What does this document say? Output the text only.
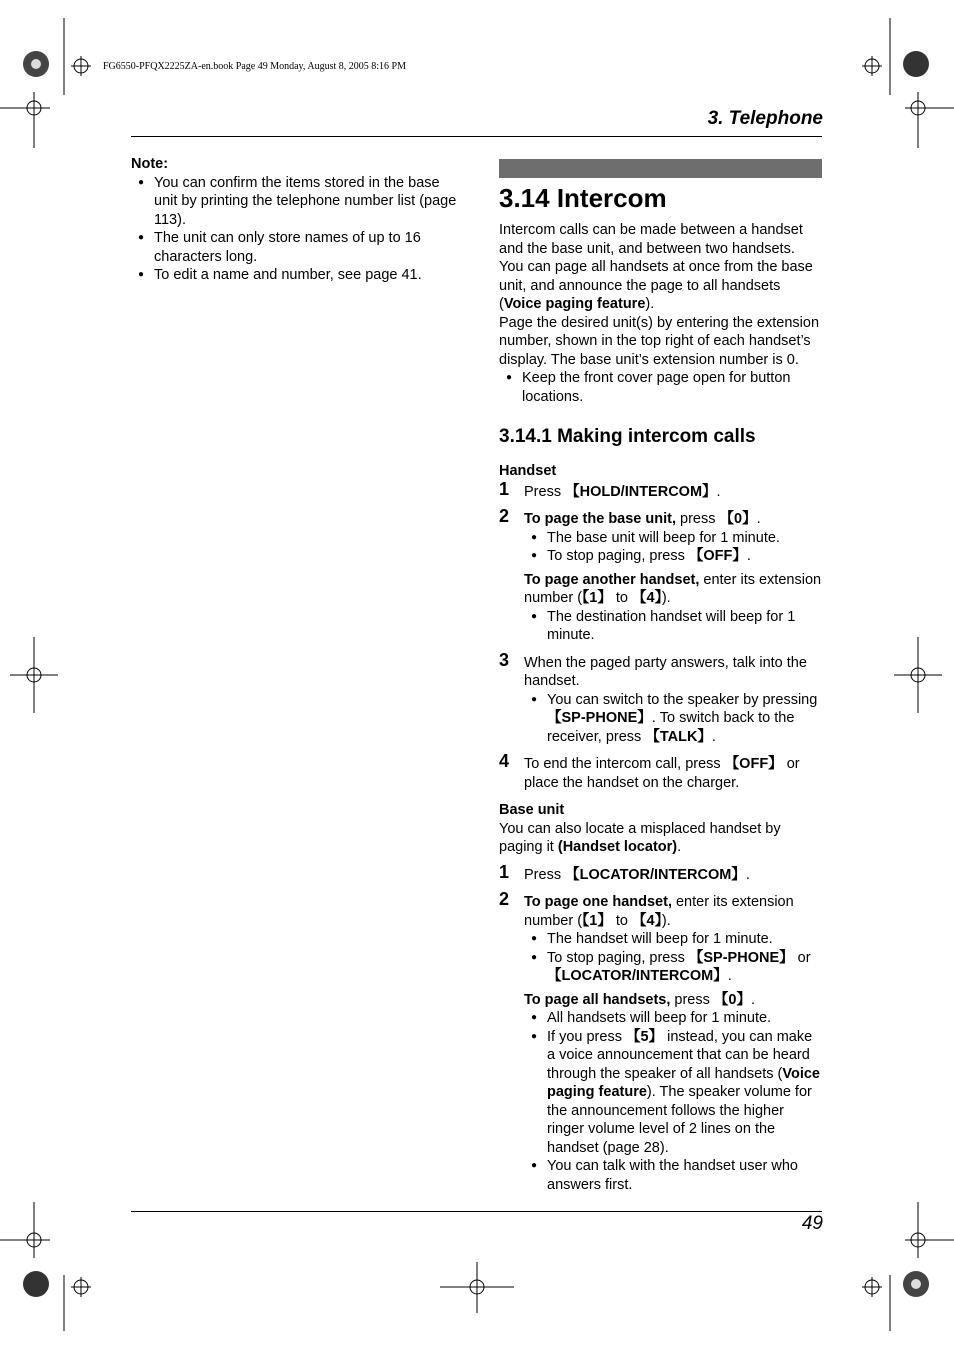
FG6550-PFQX2225ZA-en.book Page 49 Monday, August 8, 2005 8:16 PM
3. Telephone
Note:
● You can confirm the items stored in the base unit by printing the telephone number list (page 113).
● The unit can only store names of up to 16 characters long.
● To edit a name and number, see page 41.
3.14 Intercom

Intercom calls can be made between a handset and the base unit, and between two handsets. You can page all handsets at once from the base unit, and announce the page to all handsets (Voice paging feature).

Page the desired unit(s) by entering the extension number, shown in the top right of each handset’s display. The base unit’s extension number is 0.

● Keep the front cover page open for button locations.
3.14.1 Making intercom calls
Handset
1 Press 【HOLD/INTERCOM】.
2 To page the base unit, press 【0】.
● The base unit will beep for 1 minute.
● To stop paging, press 【OFF】.

To page another handset, enter its extension number (【1】 to 【4】).

● The destination handset will beep for 1 minute.
3 When the paged party answers, talk into the handset.
● You can switch to the speaker by pressing 【SP-PHONE】. To switch back to the receiver, press 【TALK】.
4 To end the intercom call, press 【OFF】 or place the handset on the charger.
Base unit

You can also locate a misplaced handset by paging it (Handset locator).

1 Press 【LOCATOR/INTERCOM】.
2 To page one handset, enter its extension number (【1】 to 【4】).
● The handset will beep for 1 minute.
● To stop paging, press 【SP-PHONE】 or 【LOCATOR/INTERCOM】.

To page all handsets, press 【0】.

● All handsets will beep for 1 minute.
● If you press 【5】 instead, you can make a voice announcement that can be heard through the speaker of all handsets (Voice paging feature). The speaker volume for the announcement follows the higher ringer volume level of 2 lines on the handset (page 28).
● You can talk with the handset user who answers first.
49
